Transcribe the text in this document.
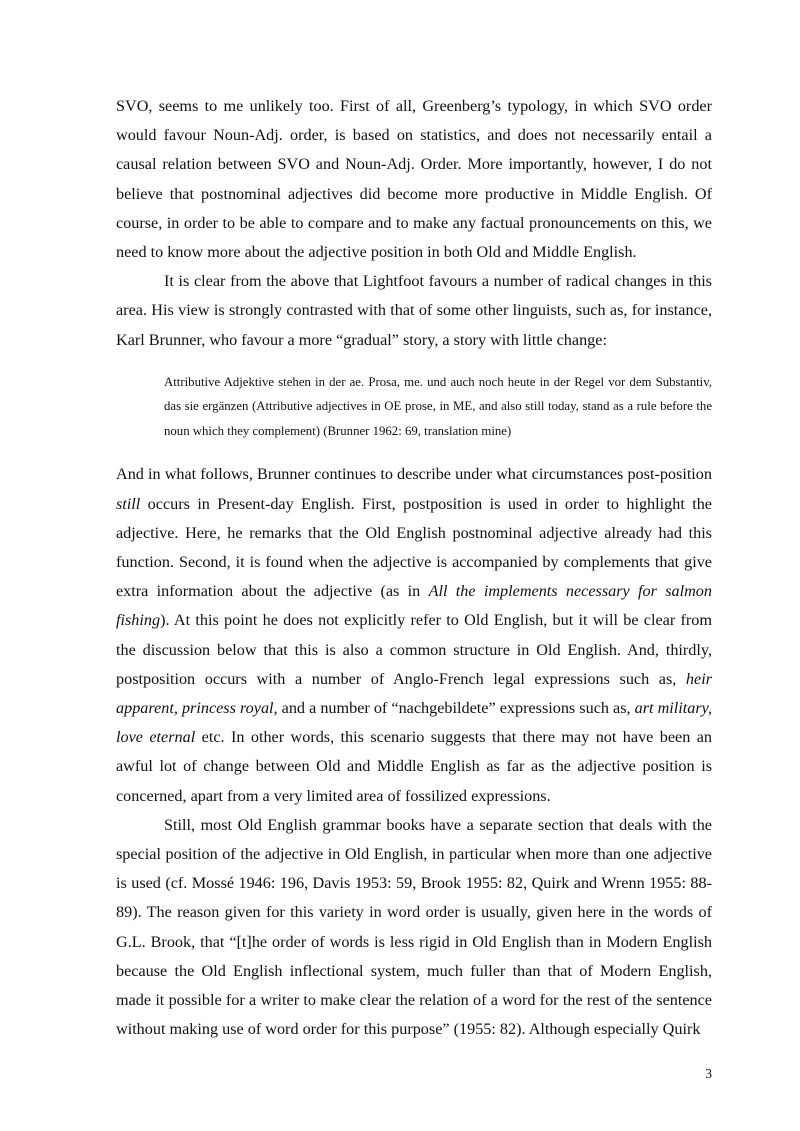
SVO, seems to me unlikely too. First of all, Greenberg’s typology, in which SVO order would favour Noun-Adj. order, is based on statistics, and does not necessarily entail a causal relation between SVO and Noun-Adj. Order. More importantly, however, I do not believe that postnominal adjectives did become more productive in Middle English. Of course, in order to be able to compare and to make any factual pronouncements on this, we need to know more about the adjective position in both Old and Middle English.

It is clear from the above that Lightfoot favours a number of radical changes in this area. His view is strongly contrasted with that of some other linguists, such as, for instance, Karl Brunner, who favour a more “gradual” story, a story with little change:

Attributive Adjektive stehen in der ae. Prosa, me. und auch noch heute in der Regel vor dem Substantiv, das sie ergänzen (Attributive adjectives in OE prose, in ME, and also still today, stand as a rule before the noun which they complement) (Brunner 1962: 69, translation mine)

And in what follows, Brunner continues to describe under what circumstances post-position still occurs in Present-day English. First, postposition is used in order to highlight the adjective. Here, he remarks that the Old English postnominal adjective already had this function. Second, it is found when the adjective is accompanied by complements that give extra information about the adjective (as in All the implements necessary for salmon fishing). At this point he does not explicitly refer to Old English, but it will be clear from the discussion below that this is also a common structure in Old English. And, thirdly, postposition occurs with a number of Anglo-French legal expressions such as, heir apparent, princess royal, and a number of “nachgebildete” expressions such as, art military, love eternal etc. In other words, this scenario suggests that there may not have been an awful lot of change between Old and Middle English as far as the adjective position is concerned, apart from a very limited area of fossilized expressions.

Still, most Old English grammar books have a separate section that deals with the special position of the adjective in Old English, in particular when more than one adjective is used (cf. Mossé 1946: 196, Davis 1953: 59, Brook 1955: 82, Quirk and Wrenn 1955: 88-89). The reason given for this variety in word order is usually, given here in the words of G.L. Brook, that “[t]he order of words is less rigid in Old English than in Modern English because the Old English inflectional system, much fuller than that of Modern English, made it possible for a writer to make clear the relation of a word for the rest of the sentence without making use of word order for this purpose” (1955: 82). Although especially Quirk

3
